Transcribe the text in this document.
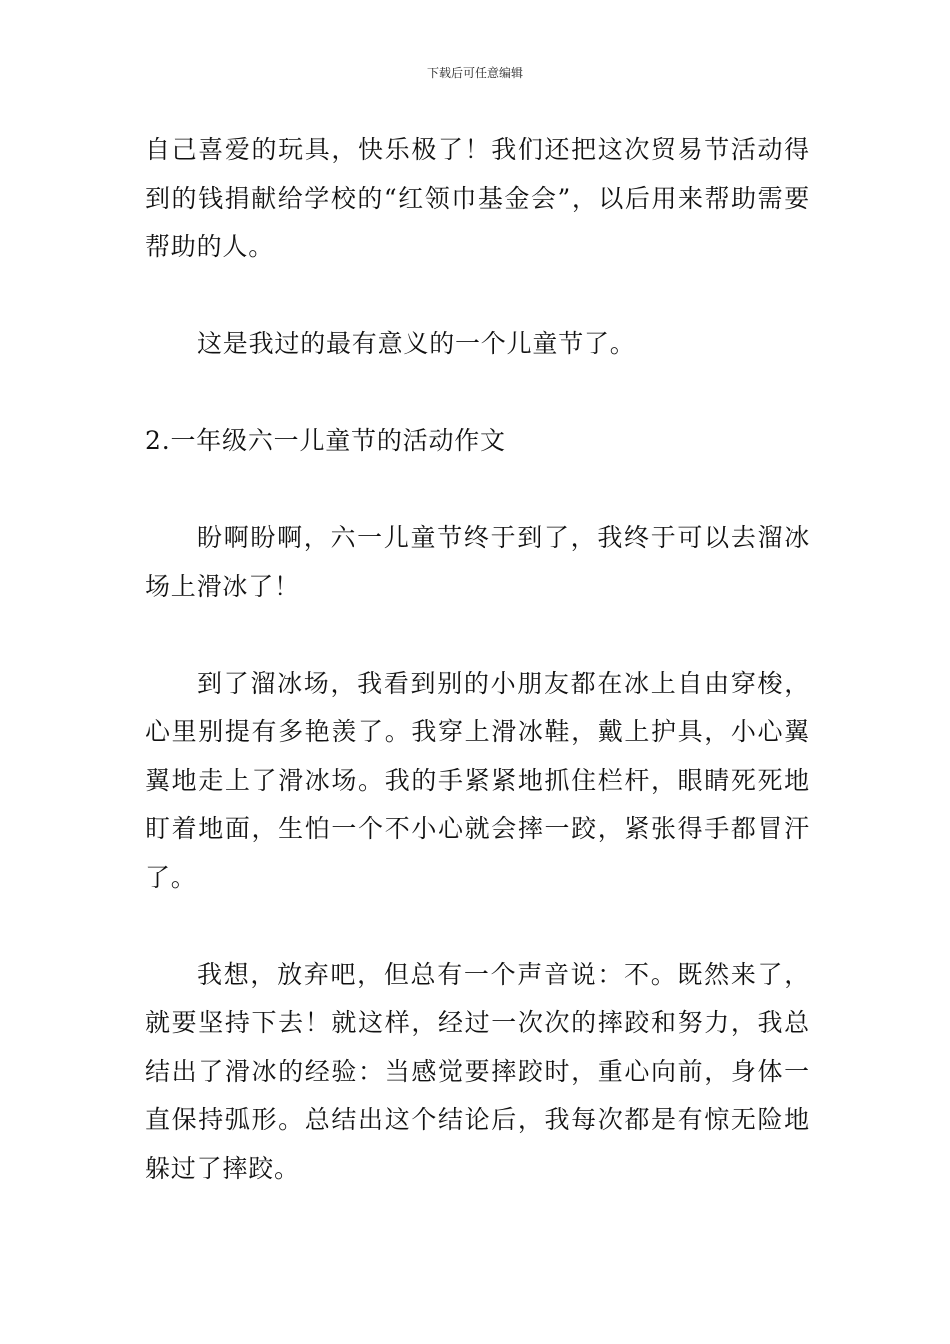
下载后可任意编辑

自己喜爱的玩具，快乐极了！我们还把这次贸易节活动得到的钱捐献给学校的“红领巾基金会”，以后用来帮助需要帮助的人。

这是我过的最有意义的一个儿童节了。

2.一年级六一儿童节的活动作文

盼啊盼啊，六一儿童节终于到了，我终于可以去溜冰场上滑冰了！

到了溜冰场，我看到别的小朋友都在冰上自由穿梭，心里别提有多艳羡了。我穿上滑冰鞋，戴上护具，小心翼翼地走上了滑冰场。我的手紧紧地抓住栏杆，眼睛死死地盯着地面，生怕一个不小心就会摔一跤，紧张得手都冒汗了。

我想，放弃吧，但总有一个声音说：不。既然来了，就要坚持下去！就这样，经过一次次的摔跤和努力，我总结出了滑冰的经验：当感觉要摔跤时，重心向前，身体一直保持弧形。总结出这个结论后，我每次都是有惊无险地躲过了摔跤。
